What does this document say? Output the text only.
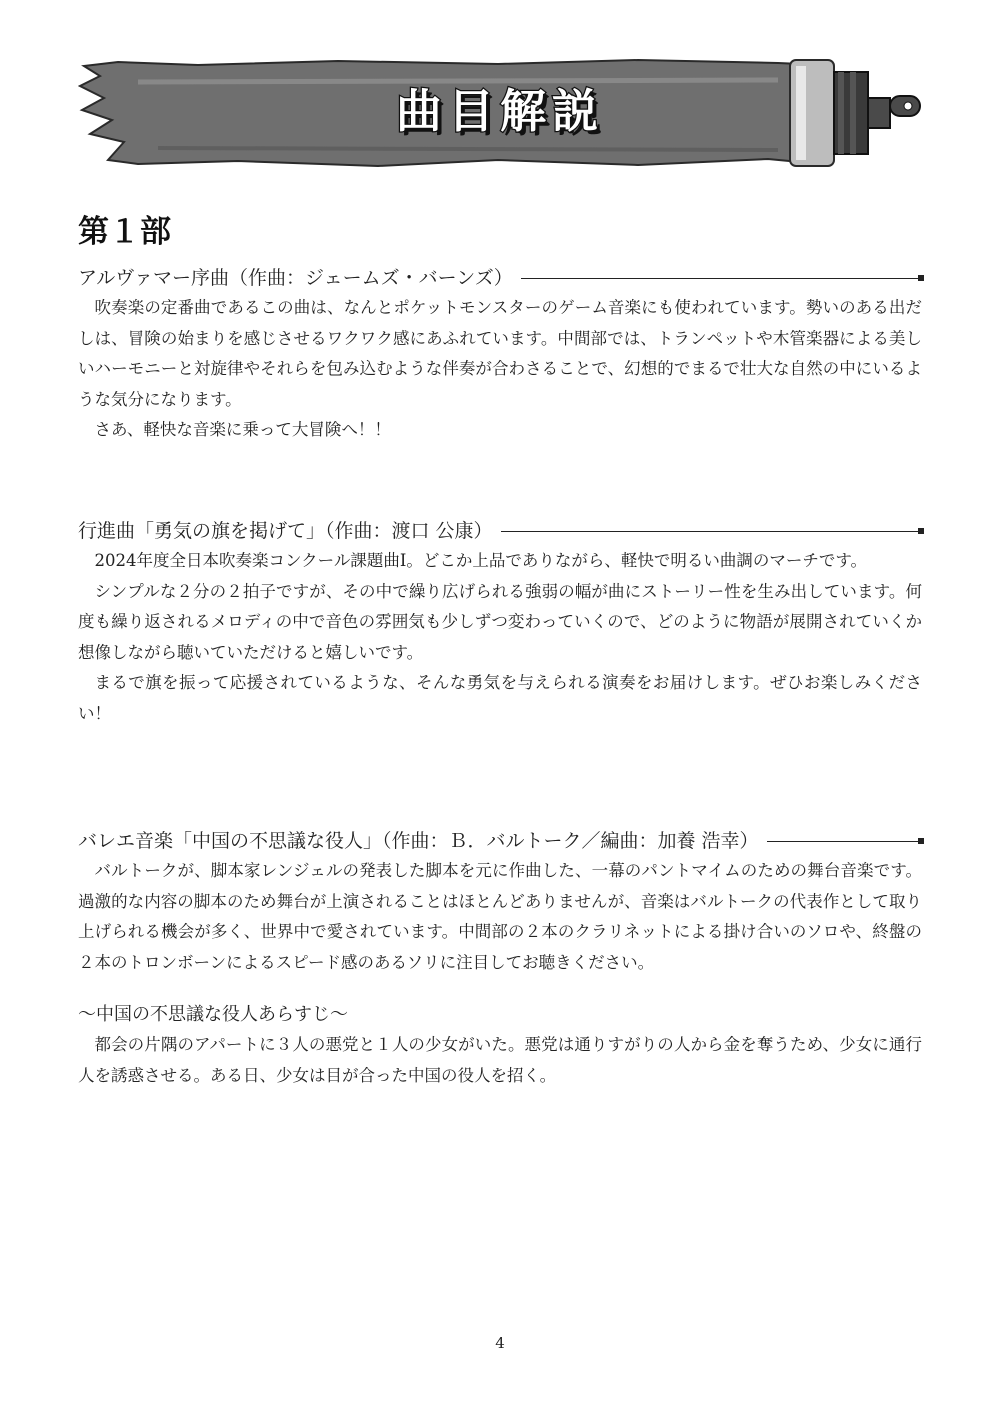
曲目解説
第１部
アルヴァマー序曲（作曲：ジェームズ・バーンズ）

吹奏楽の定番曲であるこの曲は、なんとポケットモンスターのゲーム音楽にも使われています。勢いのある出だしは、冒険の始まりを感じさせるワクワク感にあふれています。中間部では、トランペットや木管楽器による美しいハーモニーと対旋律やそれらを包み込むような伴奏が合わさることで、幻想的でまるで壮大な自然の中にいるような気分になります。

さあ、軽快な音楽に乗って大冒険へ！！

行進曲「勇気の旗を掲げて」（作曲：渡口 公康）

2024年度全日本吹奏楽コンクール課題曲Ⅰ。どこか上品でありながら、軽快で明るい曲調のマーチです。

シンプルな２分の２拍子ですが、その中で繰り広げられる強弱の幅が曲にストーリー性を生み出しています。何度も繰り返されるメロディの中で音色の雰囲気も少しずつ変わっていくので、どのように物語が展開されていくか想像しながら聴いていただけると嬉しいです。

まるで旗を振って応援されているような、そんな勇気を与えられる演奏をお届けします。ぜひお楽しみください！

バレエ音楽「中国の不思議な役人」（作曲：Ｂ．バルトーク／編曲：加養 浩幸）

バルトークが、脚本家レンジェルの発表した脚本を元に作曲した、一幕のパントマイムのための舞台音楽です。過激的な内容の脚本のため舞台が上演されることはほとんどありませんが、音楽はバルトークの代表作として取り上げられる機会が多く、世界中で愛されています。中間部の２本のクラリネットによる掛け合いのソロや、終盤の２本のトロンボーンによるスピード感のあるソリに注目してお聴きください。

～中国の不思議な役人あらすじ～

都会の片隅のアパートに３人の悪党と１人の少女がいた。悪党は通りすがりの人から金を奪うため、少女に通行人を誘惑させる。ある日、少女は目が合った中国の役人を招く。

4
